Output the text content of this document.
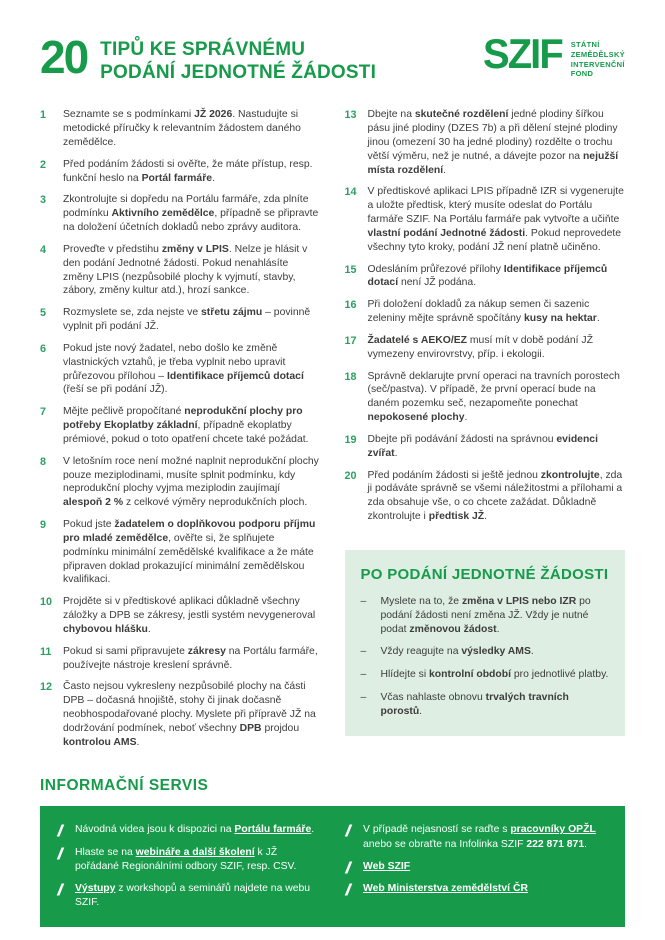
20 TIPŮ KE SPRÁVNÉMU
PODÁNÍ JEDNOTNÉ ŽÁDOSTI	SZIF STÁTNÍ
ZEMĚDĚLSKÝ
INTERVENČNÍ
FOND
1	Seznamte se s podmínkami JŽ 2026. Nastudujte si metodické příručky k relevantním žádostem daného zemědělce.
2	Před podáním žádosti si ověřte, že máte přístup, resp. funkční heslo na Portál farmáře.
3	Zkontrolujte si dopředu na Portálu farmáře, zda plníte podmínku Aktivního zemědělce, případně se připravte na doložení účetních dokladů nebo zprávy auditora.
4	Proveďte v předstihu změny v LPIS. Nelze je hlásit v den podání Jednotné žádosti. Pokud nenahlásíte změny LPIS (nezpůsobilé plochy k vyjmutí, stavby, zábory, změny kultur atd.), hrozí sankce.
5	Rozmyslete se, zda nejste ve střetu zájmu – povinně vyplnit při podání JŽ.
6	Pokud jste nový žadatel, nebo došlo ke změně vlastnických vztahů, je třeba vyplnit nebo upravit průřezovou přílohou – Identifikace příjemců dotací (řeší se při podání JŽ).
7	Mějte pečlivě propočítané neprodukční plochy pro potřeby Ekoplatby základní, případně ekoplatby prémiové, pokud o toto opatření chcete také požádat.
8	V letošním roce není možné naplnit neprodukční plochy pouze meziplodinami, musíte splnit podmínku, kdy neprodukční plochy vyjma meziplodin zaujímají alespoň 2 % z celkové výměry neprodukčních ploch.
9	Pokud jste žadatelem o doplňkovou podporu příjmu pro mladé zemědělce, ověřte si, že splňujete podmínku minimální zemědělské kvalifikace a že máte připraven doklad prokazující minimální zemědělskou kvalifikaci.
10	Projděte si v předtiskové aplikaci důkladně všechny záložky a DPB se zákresy, jestli systém nevygeneroval chybovou hlášku.
11	Pokud si sami připravujete zákresy na Portálu farmáře, používejte nástroje kreslení správně.
12	Často nejsou vykresleny nezpůsobilé plochy na části DPB – dočasná hnojiště, stohy či jinak dočasně neobhospodařované plochy. Myslete při přípravě JŽ na dodržování podmínek, neboť všechny DPB projdou kontrolou AMS.
13	Dbejte na skutečné rozdělení jedné plodiny šířkou pásu jiné plodiny (DZES 7b) a při dělení stejné plodiny jinou (omezení 30 ha jedné plodiny) rozdělte o trochu větší výměru, než je nutné, a dávejte pozor na nejužší místa rozdělení.
14	V předtiskové aplikaci LPIS případně IZR si vygenerujte a uložte předtisk, který musíte odeslat do Portálu farmáře SZIF. Na Portálu farmáře pak vytvořte a učiňte vlastní podání Jednotné žádosti. Pokud neprovedete všechny tyto kroky, podání JŽ není platně učiněno.
15	Odesláním průřezové přílohy Identifikace příjemců dotací není JŽ podána.
16	Při doložení dokladů za nákup semen či sazenic zeleniny mějte správně spočítány kusy na hektar.
17	Žadatelé s AEKO/EZ musí mít v době podání JŽ vymezeny envirovrstvy, příp. i ekologii.
18	Správně deklarujte první operaci na travních porostech (seč/pastva). V případě, že první operací bude na daném pozemku seč, nezapomeňte ponechat nepokosené plochy.
19	Dbejte při podávání žádosti na správnou evidenci zvířat.
20	Před podáním žádosti si ještě jednou zkontrolujte, zda ji podáváte správně se všemi náležitostmi a přílohami a zda obsahuje vše, o co chcete zažádat. Důkladně zkontrolujte i předtisk JŽ.
PO PODÁNÍ JEDNOTNÉ ŽÁDOSTI
–	Myslete na to, že změna v LPIS nebo IZR po podání žádosti není změna JŽ. Vždy je nutné podat změnovou žádost.
–	Vždy reagujte na výsledky AMS.
–	Hlídejte si kontrolní období pro jednotlivé platby.
–	Včas nahlaste obnovu trvalých travních porostů.
INFORMAČNÍ SERVIS
Návodná videa jsou k dispozici na Portálu farmáře.
Hlaste se na webináře a další školení k JŽ pořádané Regionálními odbory SZIF, resp. CSV.
Výstupy z workshopů a seminářů najdete na webu SZIF.
V případě nejasností se raďte s pracovníky OPŽL anebo se obraťte na Infolinka SZIF 222 871 871.
Web SZIF
Web Ministerstva zemědělství ČR
